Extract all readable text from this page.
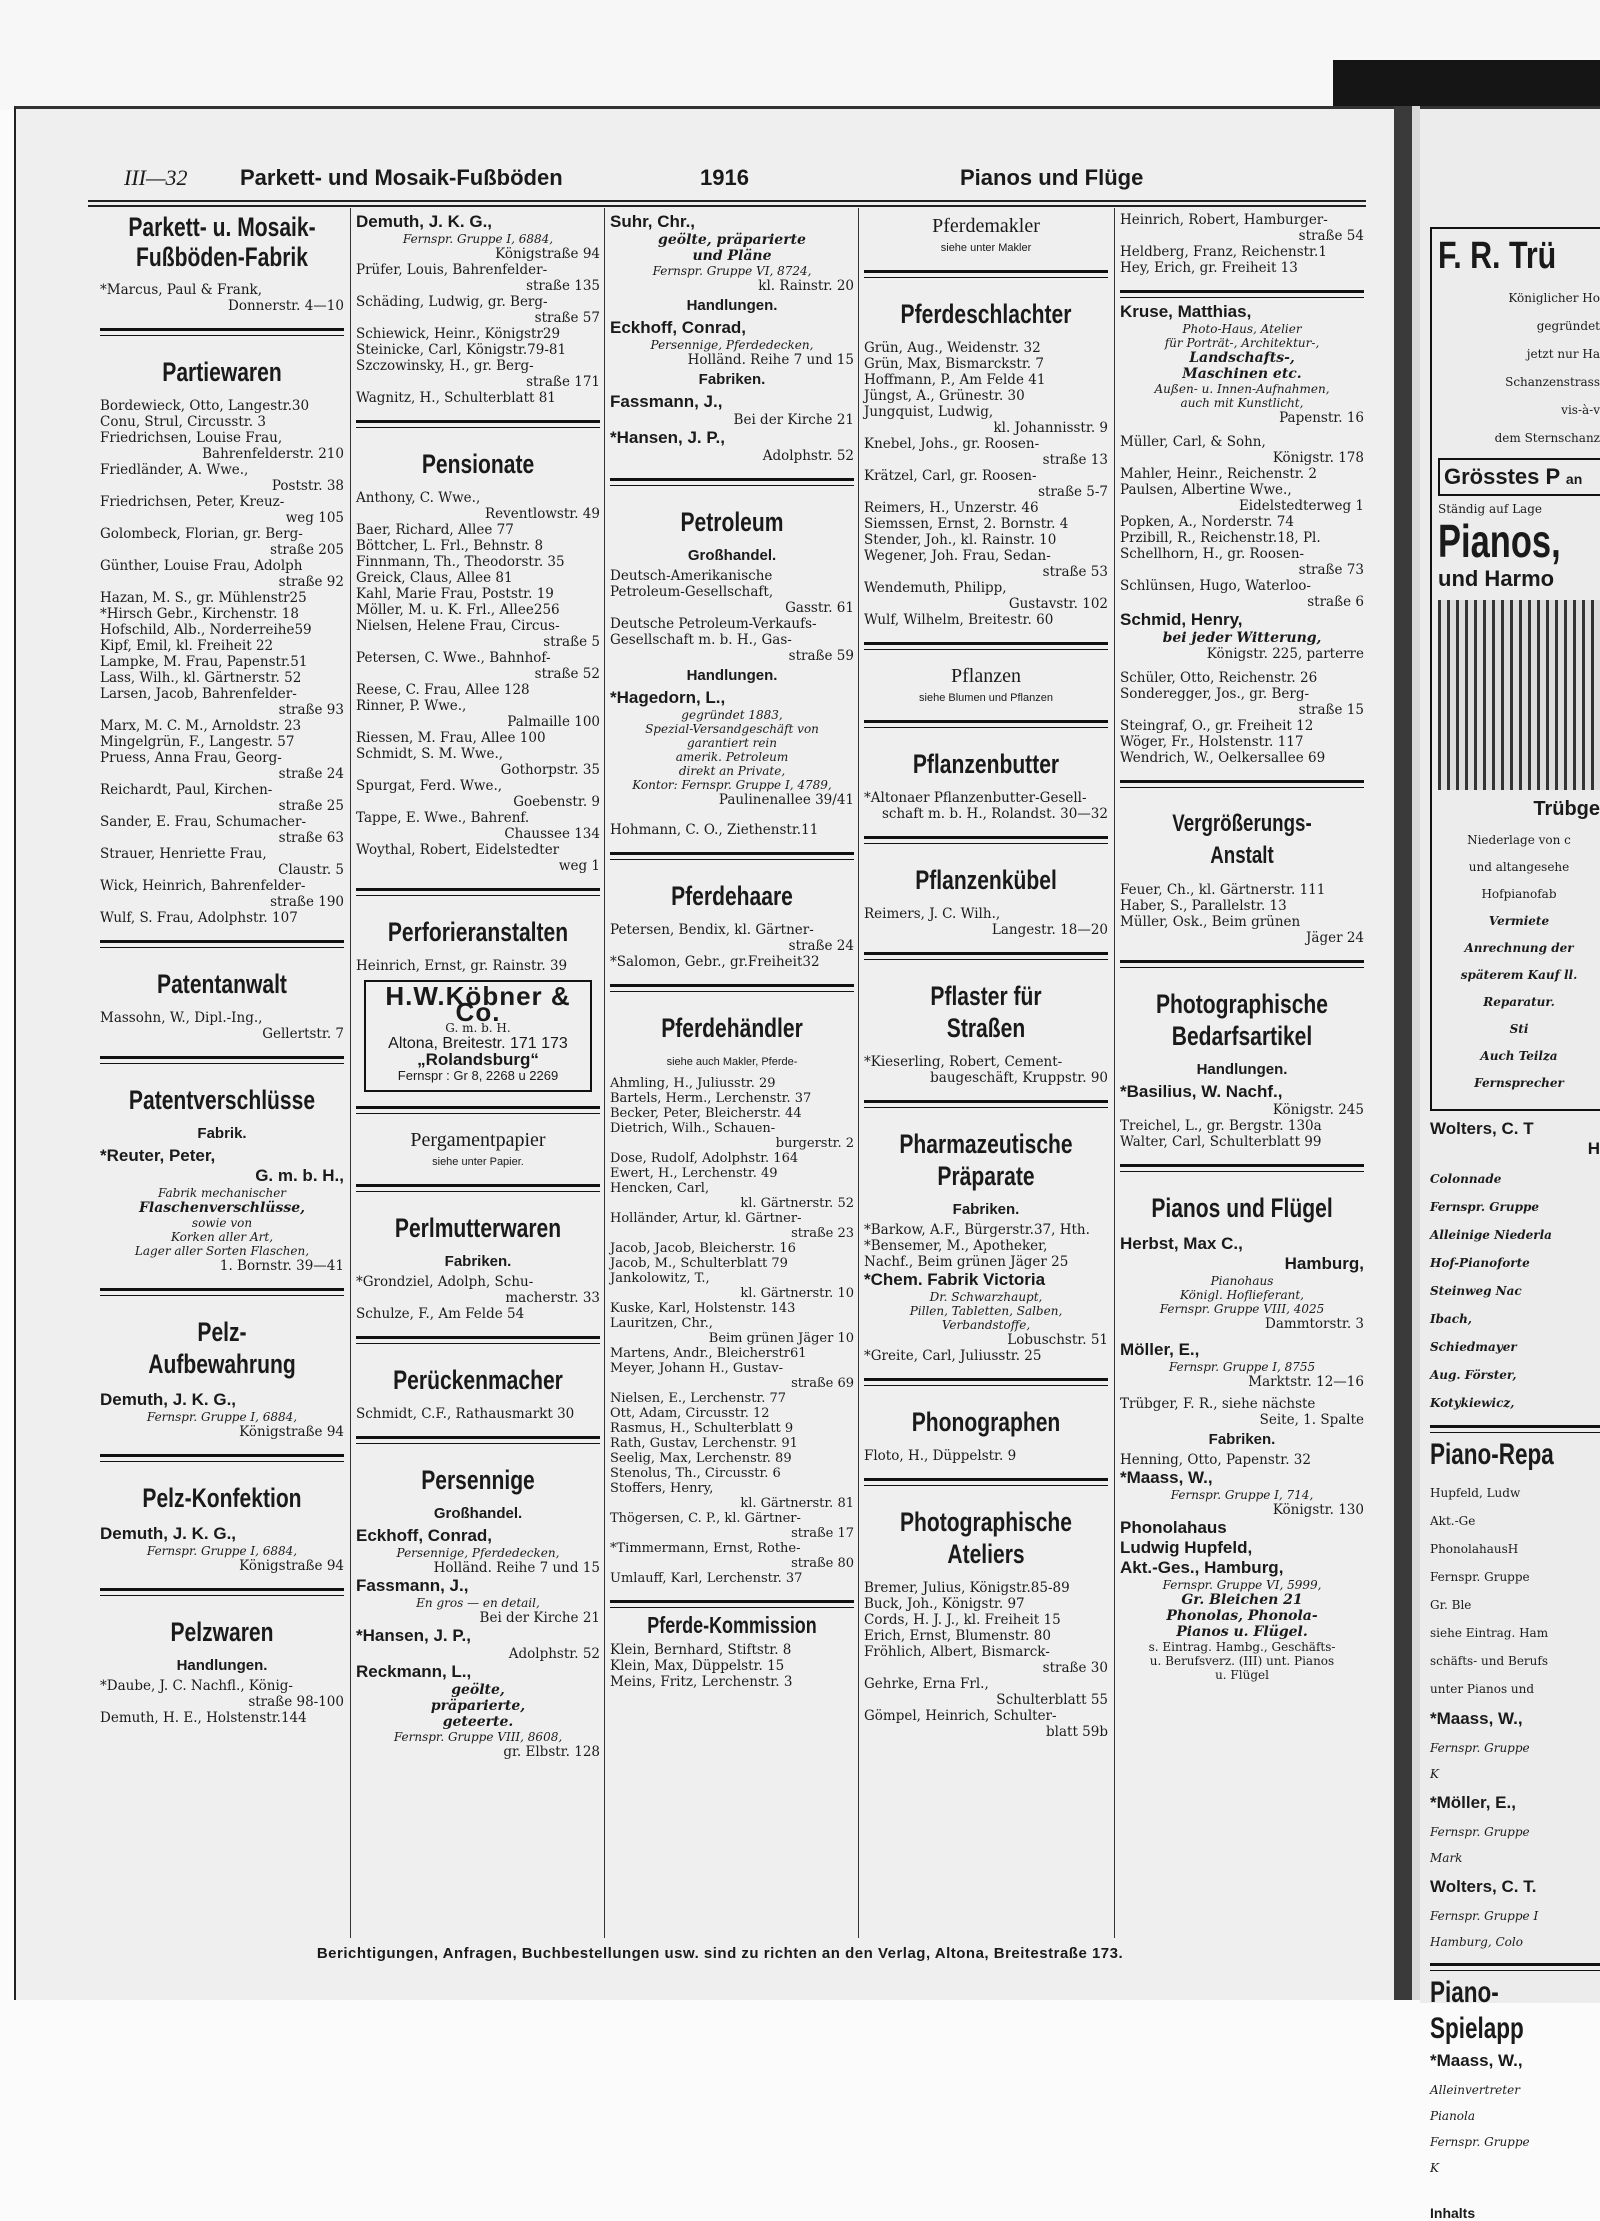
III—32 Parkett- und Mosaik-Fußböden	1916	Pianos und Flüge
Parkett- u. Mosaik-Fußböden-Fabrik

*Marcus, Paul & Frank,

Donnerstr. 4—10

Partiewaren

Bordewieck, Otto, Langestr.30

Conu, Strul, Circusstr. 3

Friedrichsen, Louise Frau,

Bahrenfelderstr. 210

Friedländer, A. Wwe.,

Poststr. 38

Friedrichsen, Peter, Kreuz-

weg 105

Golombeck, Florian, gr. Berg-

straße 205

Günther, Louise Frau, Adolph

straße 92

Hazan, M. S., gr. Mühlenstr25

*Hirsch Gebr., Kirchenstr. 18

Hofschild, Alb., Norderreihe59

Kipf, Emil, kl. Freiheit 22

Lampke, M. Frau, Papenstr.51

Lass, Wilh., kl. Gärtnerstr. 52

Larsen, Jacob, Bahrenfelder-

straße 93

Marx, M. C. M., Arnoldstr. 23

Mingelgrün, F., Langestr. 57

Pruess, Anna Frau, Georg-

straße 24

Reichardt, Paul, Kirchen-

straße 25

Sander, E. Frau, Schumacher-

straße 63

Strauer, Henriette Frau,

Claustr. 5

Wick, Heinrich, Bahrenfelder-

straße 190

Wulf, S. Frau, Adolphstr. 107

Patentanwalt

Massohn, W., Dipl.-Ing.,

Gellertstr. 7

Patentverschlüsse
Fabrik.

*Reuter, Peter,

G. m. b. H.,

Fabrik mechanischer

Flaschenverschlüsse,

sowie von

Korken aller Art,

Lager aller Sorten Flaschen,

1. Bornstr. 39—41

Pelz-Aufbewahrung

Demuth, J. K. G.,

Fernspr. Gruppe I, 6884,

Königstraße 94

Pelz-Konfektion

Demuth, J. K. G.,

Fernspr. Gruppe I, 6884,

Königstraße 94

Pelzwaren
Handlungen.

*Daube, J. C. Nachfl., König-

straße 98-100

Demuth, H. E., Holstenstr.144

Demuth, J. K. G.,

Fernspr. Gruppe I, 6884,

Königstraße 94

Prüfer, Louis, Bahrenfelder-

straße 135

Schäding, Ludwig, gr. Berg-

straße 57

Schiewick, Heinr., Königstr29

Steinicke, Carl, Königstr.79-81

Szczowinsky, H., gr. Berg-

straße 171

Wagnitz, H., Schulterblatt 81

Pensionate

Anthony, C. Wwe.,

Reventlowstr. 49

Baer, Richard, Allee 77

Böttcher, L. Frl., Behnstr. 8

Finnmann, Th., Theodorstr. 35

Greick, Claus, Allee 81

Kahl, Marie Frau, Poststr. 19

Möller, M. u. K. Frl., Allee256

Nielsen, Helene Frau, Circus-

straße 5

Petersen, C. Wwe., Bahnhof-

straße 52

Reese, C. Frau, Allee 128

Rinner, P. Wwe.,

Palmaille 100

Riessen, M. Frau, Allee 100

Schmidt, S. M. Wwe.,

Gothorpstr. 35

Spurgat, Ferd. Wwe.,

Goebenstr. 9

Tappe, E. Wwe., Bahrenf.

Chaussee 134

Woythal, Robert, Eidelstedter

weg 1

Perforieranstalten

Heinrich, Ernst, gr. Rainstr. 39

H.W.Köbner & Co.
G. m. b. H.
Altona, Breitestr. 171 173
„Rolandsburg“
Fernspr : Gr 8, 2268 u 2269
Pergamentpapier
siehe unter Papier.
Perlmutterwaren
Fabriken.

*Grondziel, Adolph, Schu-

macherstr. 33

Schulze, F., Am Felde 54

Perückenmacher

Schmidt, C.F., Rathausmarkt 30

Persennige
Großhandel.

Eckhoff, Conrad,

Persennige, Pferdedecken,

Holländ. Reihe 7 und 15

Fassmann, J.,

En gros — en detail,

Bei der Kirche 21

*Hansen, J. P.,

Adolphstr. 52

Reckmann, L.,

geölte,

präparierte,

geteerte.

Fernspr. Gruppe VIII, 8608,

gr. Elbstr. 128

Suhr, Chr.,

geölte, präparierte

und Pläne

Fernspr. Gruppe VI, 8724,

kl. Rainstr. 20

Handlungen.

Eckhoff, Conrad,

Persennige, Pferdedecken,

Holländ. Reihe 7 und 15

Fabriken.

Fassmann, J.,

Bei der Kirche 21

*Hansen, J. P.,

Adolphstr. 52

Petroleum
Großhandel.

Deutsch-Amerikanische

Petroleum-Gesellschaft,

Gasstr. 61

Deutsche Petroleum-Verkaufs-

Gesellschaft m. b. H., Gas-

straße 59

Handlungen.

*Hagedorn, L.,

gegründet 1883,

Spezial-Versandgeschäft von

garantiert rein

amerik. Petroleum

direkt an Private,

Kontor: Fernspr. Gruppe I, 4789,

Paulinenallee 39/41

Hohmann, C. O., Ziethenstr.11

Pferdehaare

Petersen, Bendix, kl. Gärtner-

straße 24

*Salomon, Gebr., gr.Freiheit32

Pferdehändler
siehe auch Makler, Pferde-

Ahmling, H., Juliusstr. 29

Bartels, Herm., Lerchenstr. 37

Becker, Peter, Bleicherstr. 44

Dietrich, Wilh., Schauen-

burgerstr. 2

Dose, Rudolf, Adolphstr. 164

Ewert, H., Lerchenstr. 49

Hencken, Carl,

kl. Gärtnerstr. 52

Holländer, Artur, kl. Gärtner-

straße 23

Jacob, Jacob, Bleicherstr. 16

Jacob, M., Schulterblatt 79

Jankolowitz, T.,

kl. Gärtnerstr. 10

Kuske, Karl, Holstenstr. 143

Lauritzen, Chr.,

Beim grünen Jäger 10

Martens, Andr., Bleicherstr61

Meyer, Johann H., Gustav-

straße 69

Nielsen, E., Lerchenstr. 77

Ott, Adam, Circusstr. 12

Rasmus, H., Schulterblatt 9

Rath, Gustav, Lerchenstr. 91

Seelig, Max, Lerchenstr. 89

Stenolus, Th., Circusstr. 6

Stoffers, Henry,

kl. Gärtnerstr. 81

Thögersen, C. P., kl. Gärtner-

straße 17

*Timmermann, Ernst, Rothe-

straße 80

Umlauff, Karl, Lerchenstr. 37

Pferde-Kommission

Klein, Bernhard, Stiftstr. 8

Klein, Max, Düppelstr. 15

Meins, Fritz, Lerchenstr. 3

Pferdemakler
siehe unter Makler
Pferdeschlachter

Grün, Aug., Weidenstr. 32

Grün, Max, Bismarckstr. 7

Hoffmann, P., Am Felde 41

Jüngst, A., Grünestr. 30

Jungquist, Ludwig,

kl. Johannisstr. 9

Knebel, Johs., gr. Roosen-

straße 13

Krätzel, Carl, gr. Roosen-

straße 5-7

Reimers, H., Unzerstr. 46

Siemssen, Ernst, 2. Bornstr. 4

Stender, Joh., kl. Rainstr. 10

Wegener, Joh. Frau, Sedan-

straße 53

Wendemuth, Philipp,

Gustavstr. 102

Wulf, Wilhelm, Breitestr. 60

Pflanzen
siehe Blumen und Pflanzen
Pflanzenbutter

*Altonaer Pflanzenbutter-Gesell-

schaft m. b. H., Rolandst. 30—32

Pflanzenkübel

Reimers, J. C. Wilh.,

Langestr. 18—20

Pflaster für Straßen

*Kieserling, Robert, Cement-

baugeschäft, Kruppstr. 90

Pharmazeutische Präparate
Fabriken.

*Barkow, A.F., Bürgerstr.37, Hth.

*Bensemer, M., Apotheker,

Nachf., Beim grünen Jäger 25

*Chem. Fabrik Victoria

Dr. Schwarzhaupt,

Pillen, Tabletten, Salben,

Verbandstoffe,

Lobuschstr. 51

*Greite, Carl, Juliusstr. 25

Phonographen

Floto, H., Düppelstr. 9

Photographische Ateliers

Bremer, Julius, Königstr.85-89

Buck, Joh., Königstr. 97

Cords, H. J. J., kl. Freiheit 15

Erich, Ernst, Blumenstr. 80

Fröhlich, Albert, Bismarck-

straße 30

Gehrke, Erna Frl.,

Schulterblatt 55

Gömpel, Heinrich, Schulter-

blatt 59b

Heinrich, Robert, Hamburger-

straße 54

Heldberg, Franz, Reichenstr.1

Hey, Erich, gr. Freiheit 13

Kruse, Matthias,

Photo-Haus, Atelier

für Porträt-, Architektur-,

Landschafts-,

Maschinen etc.

Außen- u. Innen-Aufnahmen,

auch mit Kunstlicht,

Papenstr. 16

Müller, Carl, & Sohn,

Königstr. 178

Mahler, Heinr., Reichenstr. 2

Paulsen, Albertine Wwe.,

Eidelstedterweg 1

Popken, A., Norderstr. 74

Przibill, R., Reichenstr.18, Pl.

Schellhorn, H., gr. Roosen-

straße 73

Schlünsen, Hugo, Waterloo-

straße 6

Schmid, Henry,

bei jeder Witterung,

Königstr. 225, parterre

Schüler, Otto, Reichenstr. 26

Sonderegger, Jos., gr. Berg-

straße 15

Steingraf, O., gr. Freiheit 12

Wöger, Fr., Holstenstr. 117

Wendrich, W., Oelkersallee 69

Vergrößerungs-Anstalt

Feuer, Ch., kl. Gärtnerstr. 111

Haber, S., Parallelstr. 13

Müller, Osk., Beim grünen

Jäger 24

Photographische Bedarfsartikel
Handlungen.

*Basilius, W. Nachf.,

Königstr. 245

Treichel, L., gr. Bergstr. 130a

Walter, Carl, Schulterblatt 99

Pianos und Flügel

Herbst, Max C.,

Hamburg,

Pianohaus

Königl. Hoflieferant,

Fernspr. Gruppe VIII, 4025

Dammtorstr. 3

Möller, E.,

Fernspr. Gruppe I, 8755

Marktstr. 12—16

Trübger, F. R., siehe nächste

Seite, 1. Spalte

Fabriken.

Henning, Otto, Papenstr. 32

*Maass, W.,

Fernspr. Gruppe I, 714,

Königstr. 130

Phonolahaus

Ludwig Hupfeld,

Akt.-Ges., Hamburg,

Fernspr. Gruppe VI, 5999,

Gr. Bleichen 21

Phonolas, Phonola-

Pianos u. Flügel.

s. Eintrag. Hambg., Geschäfts-

u. Berufsverz. (III) unt. Pianos

u. Flügel

Berichtigungen, Anfragen, Buchbestellungen usw. sind zu richten an den Verlag, Altona, Breitestraße 173.
F. R. Trü

Königlicher Ho

gegründet

jetzt nur Ha

Schanzenstrass

vis-à-v

dem Sternschanz

Grösstes P an
Ständig auf Lage
Pianos,
und Harmo
Trübge

Niederlage von c

und altangesehe

Hofpianofab

Vermiete

Anrechnung der

späterem Kauf ll.

Reparatur.

Sti

Auch Teilza

Fernsprecher

Wolters, C. T

H

Colonnade

Fernspr. Gruppe

Alleinige Niederla

Hof-Pianoforte

Steinweg Nac

Ibach,

Schiedmayer

Aug. Förster,

Kotykiewicz,

Piano-Repa

Hupfeld, Ludw

Akt.-Ge

PhonolahausH

Fernspr. Gruppe

Gr. Ble

siehe Eintrag. Ham

schäfts- und Berufs

unter Pianos und

*Maass, W.,

Fernspr. Gruppe

K

*Möller, E.,

Fernspr. Gruppe

Mark

Wolters, C. T.

Fernspr. Gruppe I

Hamburg, Colo

Piano-Spielapp

*Maass, W.,

Alleinvertreter

Pianola

Fernspr. Gruppe

K

Inhalts
